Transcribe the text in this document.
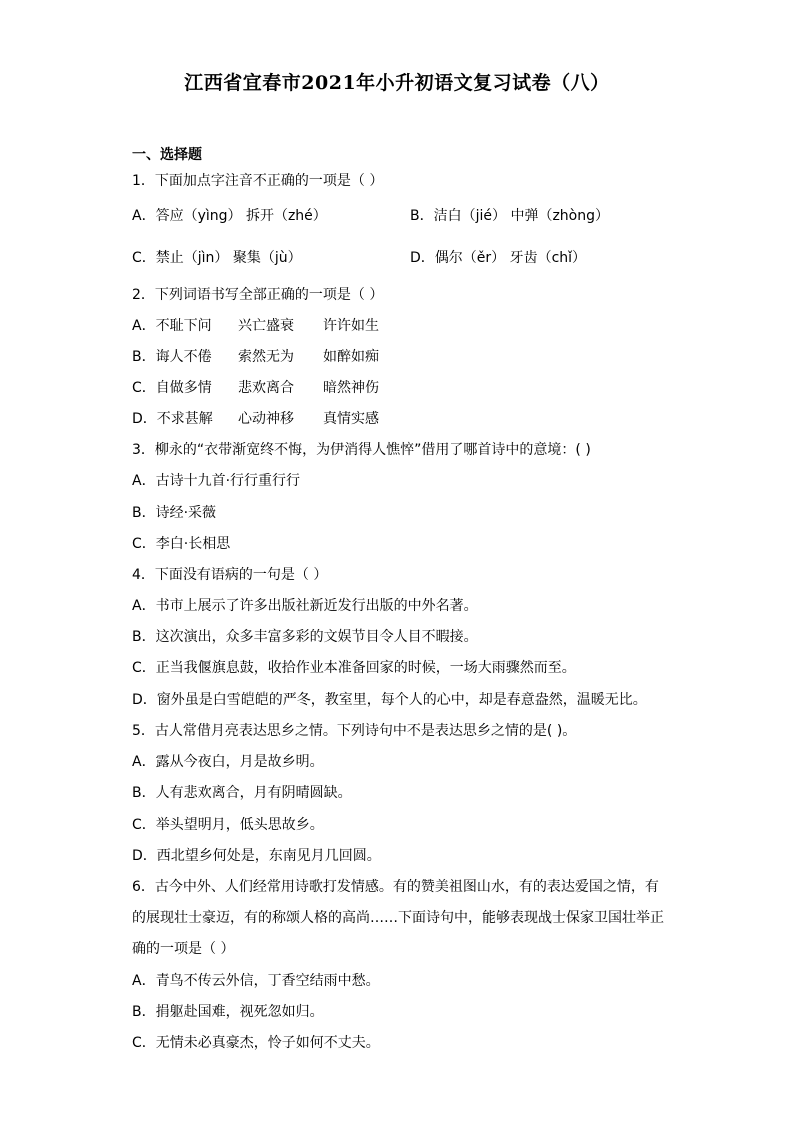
江西省宜春市2021年小升初语文复习试卷（八）
一、选择题
1．下面加点字注音不正确的一项是（ ）
A．答应（yìng） 拆开（zhé）	B．洁白（jié） 中弹（zhòng）
C．禁止（jìn） 聚集（jù）	D．偶尔（ěr） 牙齿（chǐ）
2．下列词语书写全部正确的一项是（ ）
A．不耻下问 兴亡盛衰 许许如生
B．诲人不倦 索然无为 如醉如痴
C．自做多情 悲欢离合 暗然神伤
D．不求甚解 心动神移 真情实感
3．柳永的“衣带渐宽终不悔，为伊消得人憔悴”借用了哪首诗中的意境：( )
A．古诗十九首·行行重行行
B．诗经·采薇
C．李白·长相思
4．下面没有语病的一句是（ ）
A．书市上展示了许多出版社新近发行出版的中外名著。
B．这次演出，众多丰富多彩的文娱节目令人目不暇接。
C．正当我偃旗息鼓，收拾作业本准备回家的时候，一场大雨骤然而至。
D．窗外虽是白雪皑皑的严冬，教室里，每个人的心中，却是春意盎然，温暖无比。
5．古人常借月亮表达思乡之情。下列诗句中不是表达思乡之情的是( )。
A．露从今夜白，月是故乡明。
B．人有悲欢离合，月有阴晴圆缺。
C．举头望明月，低头思故乡。
D．西北望乡何处是，东南见月几回圆。
6．古今中外、人们经常用诗歌打发情感。有的赞美祖图山水，有的表达爱国之情，有
的展现壮士豪迈，有的称颂人格的高尚……下面诗句中，能够表现战士保家卫国壮举正
确的一项是（ ）
A．青鸟不传云外信，丁香空结雨中愁。
B．捐躯赴国难，视死忽如归。
C．无情未必真豪杰，怜子如何不丈夫。
